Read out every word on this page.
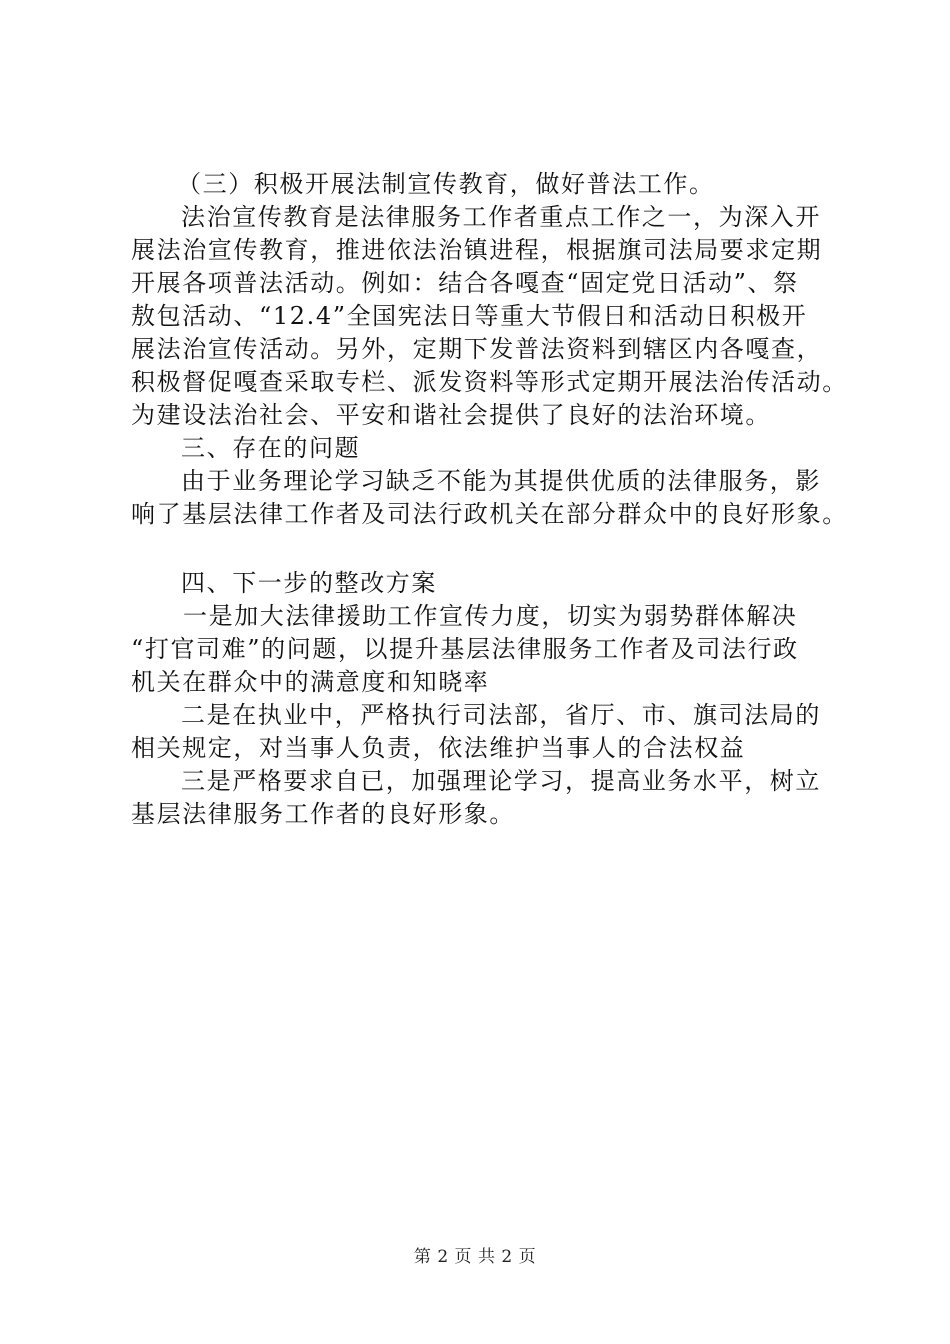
（三）积极开展法制宣传教育，做好普法工作。
法治宣传教育是法律服务工作者重点工作之一，为深入开
展法治宣传教育，推进依法治镇进程，根据旗司法局要求定期
开展各项普法活动。例如：结合各嘎查“固定党日活动”、祭
敖包活动、“12.4”全国宪法日等重大节假日和活动日积极开
展法治宣传活动。另外，定期下发普法资料到辖区内各嘎查，
积极督促嘎查采取专栏、派发资料等形式定期开展法治传活动。
为建设法治社会、平安和谐社会提供了良好的法治环境。
三、存在的问题
由于业务理论学习缺乏不能为其提供优质的法律服务，影
响了基层法律工作者及司法行政机关在部分群众中的良好形象。
四、下一步的整改方案
一是加大法律援助工作宣传力度，切实为弱势群体解决
“打官司难”的问题，以提升基层法律服务工作者及司法行政
机关在群众中的满意度和知晓率
二是在执业中，严格执行司法部，省厅、市、旗司法局的
相关规定，对当事人负责，依法维护当事人的合法权益
三是严格要求自已，加强理论学习，提高业务水平，树立
基层法律服务工作者的良好形象。
第 2 页 共 2 页
